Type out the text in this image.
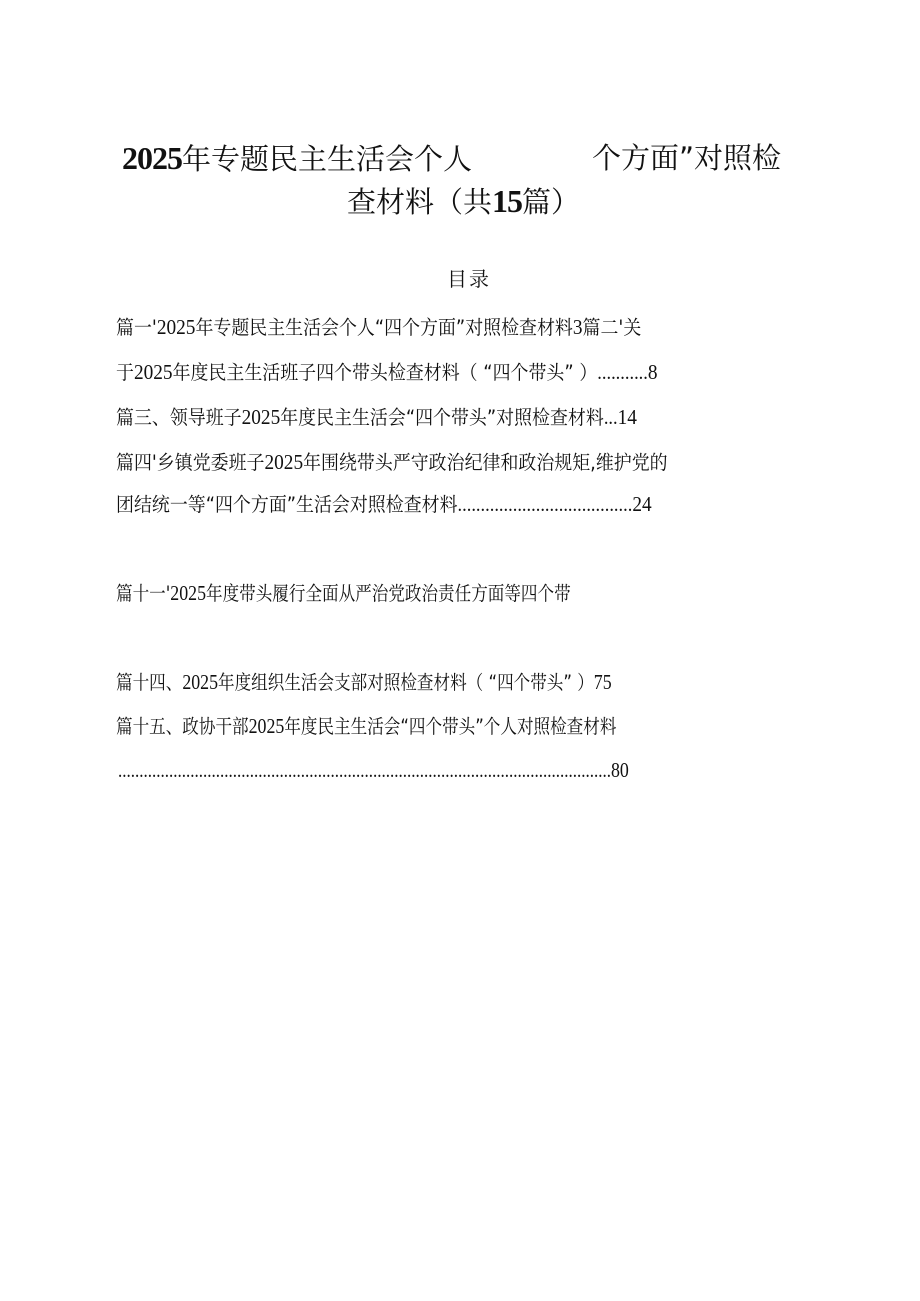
2025年专题民主生活会个人	个方面”对照检
查材料（共15篇）
目录
篇一'2025年专题民主生活会个人“四个方面”对照检查材料3篇二'关
于2025年度民主生活班子四个带头检查材料（ “四个带头” ）...........8
篇三、领导班子2025年度民主生活会“四个带头”对照检查材料...14
篇四'乡镇党委班子2025年围绕带头严守政治纪律和政治规矩,维护党的
团结统一等“四个方面”生活会对照检查材料......................................24
篇十一'2025年度带头履行全面从严治党政治责任方面等四个带
篇十四、2025年度组织生活会支部对照检查材料（ “四个带头” ）75
篇十五、政协干部2025年度民主生活会“四个带头”个人对照检查材料
....................................................................................................................80
